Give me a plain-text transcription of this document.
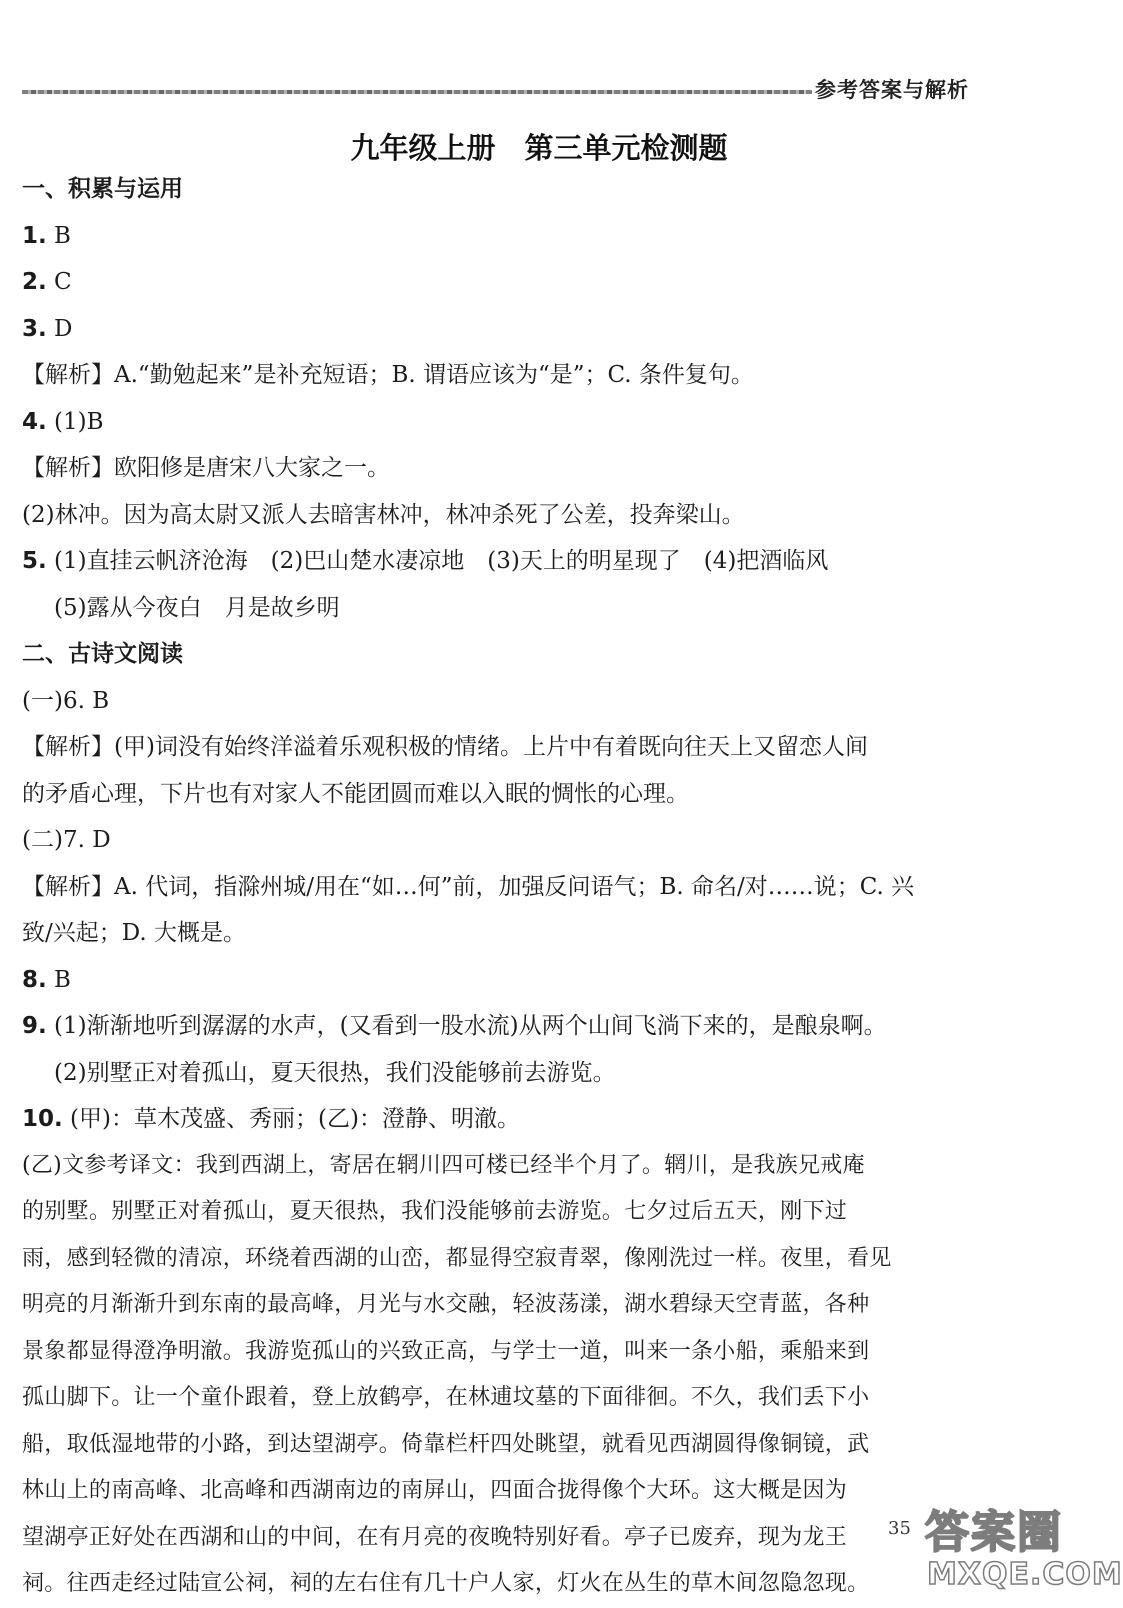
参考答案与解析
九年级上册　第三单元检测题
一、积累与运用
1. B
2. C
3. D
【解析】A.“勤勉起来”是补充短语；B. 谓语应该为“是”；C. 条件复句。
4. (1)B
【解析】欧阳修是唐宋八大家之一。
(2)林冲。因为高太尉又派人去暗害林冲，林冲杀死了公差，投奔梁山。
5. (1)直挂云帆济沧海　(2)巴山楚水凄凉地　(3)天上的明星现了　(4)把酒临风
(5)露从今夜白　月是故乡明
二、古诗文阅读
(一)6. B
【解析】(甲)词没有始终洋溢着乐观积极的情绪。上片中有着既向往天上又留恋人间
的矛盾心理，下片也有对家人不能团圆而难以入眠的惆怅的心理。
(二)7. D
【解析】A. 代词，指滁州城/用在“如…何”前，加强反问语气；B. 命名/对……说；C. 兴
致/兴起；D. 大概是。
8. B
9. (1)渐渐地听到潺潺的水声，(又看到一股水流)从两个山间飞淌下来的，是酿泉啊。
(2)别墅正对着孤山，夏天很热，我们没能够前去游览。
10. (甲)：草木茂盛、秀丽；(乙)：澄静、明澈。
(乙)文参考译文：我到西湖上，寄居在辋川四可楼已经半个月了。辋川，是我族兄戒庵
的别墅。别墅正对着孤山，夏天很热，我们没能够前去游览。七夕过后五天，刚下过
雨，感到轻微的清凉，环绕着西湖的山峦，都显得空寂青翠，像刚洗过一样。夜里，看见
明亮的月渐渐升到东南的最高峰，月光与水交融，轻波荡漾，湖水碧绿天空青蓝，各种
景象都显得澄净明澈。我游览孤山的兴致正高，与学士一道，叫来一条小船，乘船来到
孤山脚下。让一个童仆跟着，登上放鹤亭，在林逋坟墓的下面徘徊。不久，我们丢下小
船，取低湿地带的小路，到达望湖亭。倚靠栏杆四处眺望，就看见西湖圆得像铜镜，武
林山上的南高峰、北高峰和西湖南边的南屏山，四面合拢得像个大环。这大概是因为
望湖亭正好处在西湖和山的中间，在有月亮的夜晚特别好看。亭子已废弃，现为龙王
祠。往西走经过陆宣公祠，祠的左右住有几十户人家，灯火在丛生的草木间忽隐忽现。
35 答案圈
MXQE.COM
